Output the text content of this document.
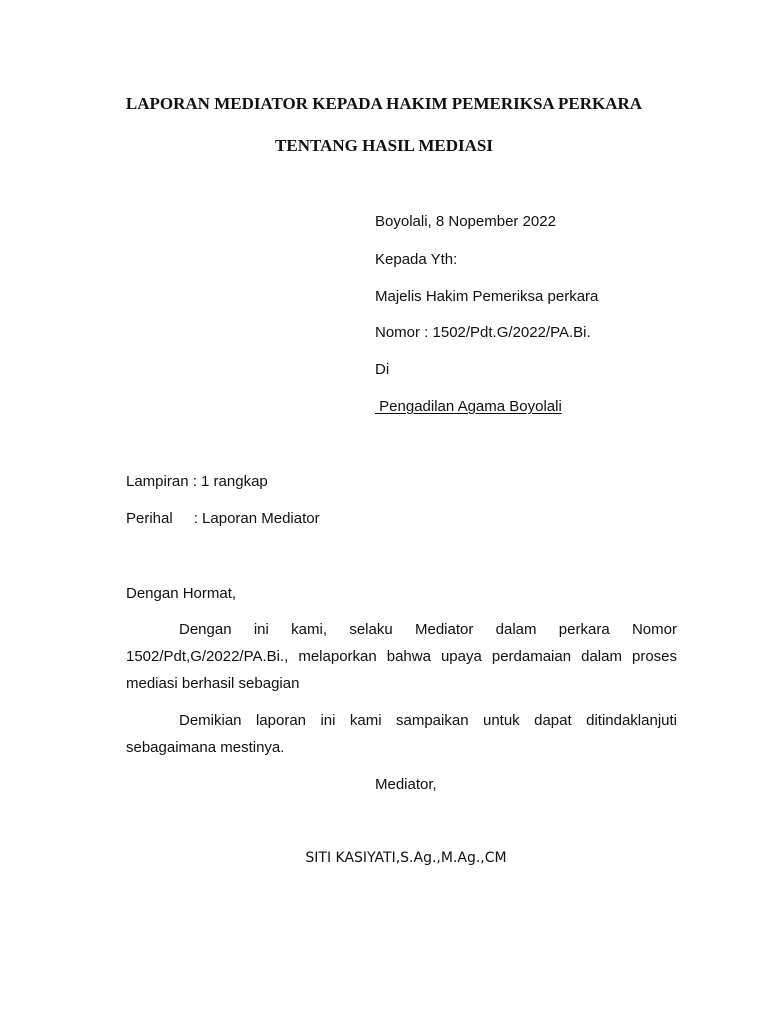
LAPORAN MEDIATOR KEPADA HAKIM PEMERIKSA PERKARA
TENTANG HASIL MEDIASI
Boyolali, 8 Nopember 2022
Kepada Yth:
Majelis Hakim Pemeriksa perkara
Nomor : 1502/Pdt.G/2022/PA.Bi.
Di
Pengadilan Agama Boyolali
Lampiran : 1 rangkap
Perihal : Laporan Mediator
Dengan Hormat,
Dengan ini kami, selaku Mediator dalam perkara Nomor 1502/Pdt,G/2022/PA.Bi., melaporkan bahwa upaya perdamaian dalam proses mediasi berhasil sebagian
Demikian laporan ini kami sampaikan untuk dapat ditindaklanjuti sebagaimana mestinya.
Mediator,
SITI KASIYATI,S.Ag.,M.Ag.,CM
